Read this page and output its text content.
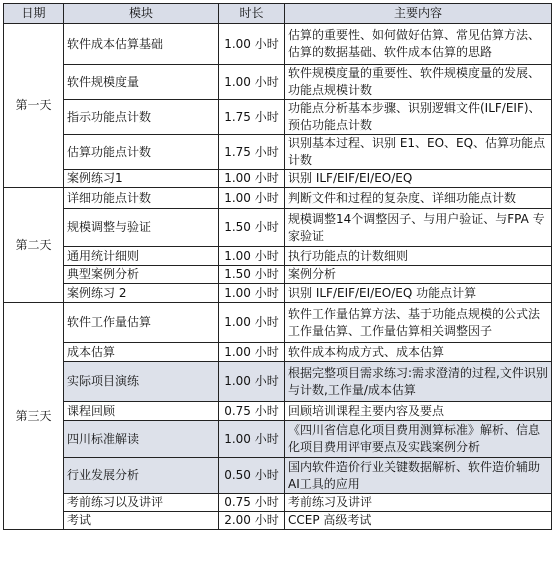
日期	模块	时长	主要内容
第一天	软件成本估算基础	1.00 小时	估算的重要性、如何做好估算、常见估算方法、估算的数据基础、软件成本估算的思路
	软件规模度量	1.00 小时	软件规模度量的重要性、软件规模度量的发展、功能点规模计数
	指示功能点计数	1.75 小时	功能点分析基本步骤、识别逻辑文件(ILF/EIF)、预估功能点计数
	估算功能点计数	1.75 小时	识别基本过程、识别 E1、EO、EQ、估算功能点计数
	案例练习1	1.00 小时	识别 ILF/EIF/EI/EO/EQ
第二天	详细功能点计数	1.00 小时	判断文件和过程的复杂度、详细功能点计数
	规模调整与验证	1.50 小时	规模调整14个调整因子、与用户验证、与FPA 专家验证
	通用统计细则	1.00 小时	执行功能点的计数细则
	典型案例分析	1.50 小时	案例分析
	案例练习 2	1.00 小时	识别 ILF/EIF/EI/EO/EQ 功能点计算
第三天	软件工作量估算	1.00 小时	软件工作量估算方法、基于功能点规模的公式法工作量估算、工作量估算相关调整因子
	成本估算	1.00 小时	软件成本构成方式、成本估算
	实际项目演练	1.00 小时	根据完整项目需求练习:需求澄清的过程,文件识别与计数,工作量/成本估算
	课程回顾	0.75 小时	回顾培训课程主要内容及要点
	四川标准解读	1.00 小时	《四川省信息化项目费用测算标准》解析、信息化项目费用评审要点及实践案例分析
	行业发展分析	0.50 小时	国内软件造价行业关键数据解析、软件造价辅助AI工具的应用
	考前练习以及讲评	0.75 小时	考前练习及讲评
	考试	2.00 小时	CCEP 高级考试
